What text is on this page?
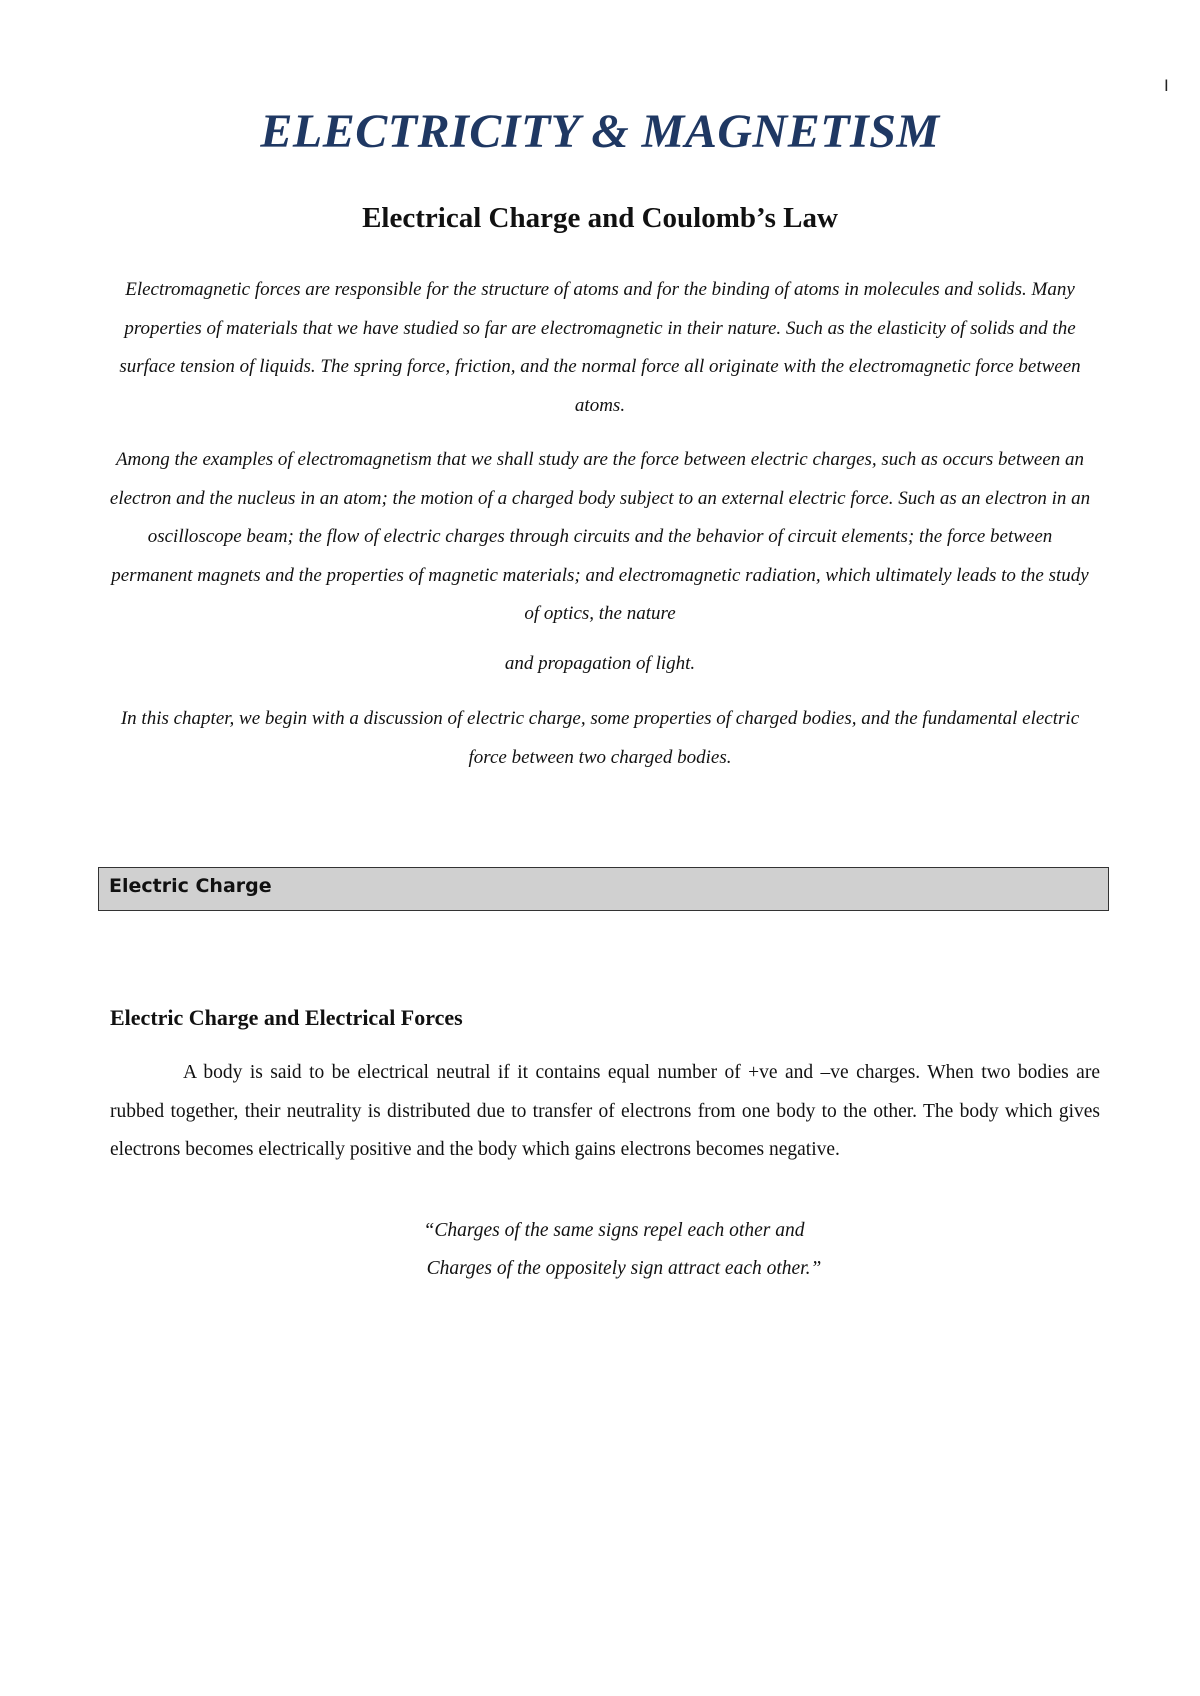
I
ELECTRICITY & MAGNETISM
Electrical Charge and Coulomb’s Law

Electromagnetic forces are responsible for the structure of atoms and for the binding of atoms in molecules and solids. Many properties of materials that we have studied so far are electromagnetic in their nature. Such as the elasticity of solids and the surface tension of liquids. The spring force, friction, and the normal force all originate with the electromagnetic force between atoms.

Among the examples of electromagnetism that we shall study are the force between electric charges, such as occurs between an electron and the nucleus in an atom; the motion of a charged body subject to an external electric force. Such as an electron in an oscilloscope beam; the flow of electric charges through circuits and the behavior of circuit elements; the force between permanent magnets and the properties of magnetic materials; and electromagnetic radiation, which ultimately leads to the study of optics, the nature

and propagation of light.

In this chapter, we begin with a discussion of electric charge, some properties of charged bodies, and the fundamental electric force between two charged bodies.

Electric Charge
Electric Charge and Electrical Forces

A body is said to be electrical neutral if it contains equal number of +ve and –ve charges. When two bodies are rubbed together, their neutrality is distributed due to transfer of electrons from one body to the other. The body which gives electrons becomes electrically positive and the body which gains electrons becomes negative.

“Charges of the same signs repel each other and
Charges of the oppositely sign attract each other.”
